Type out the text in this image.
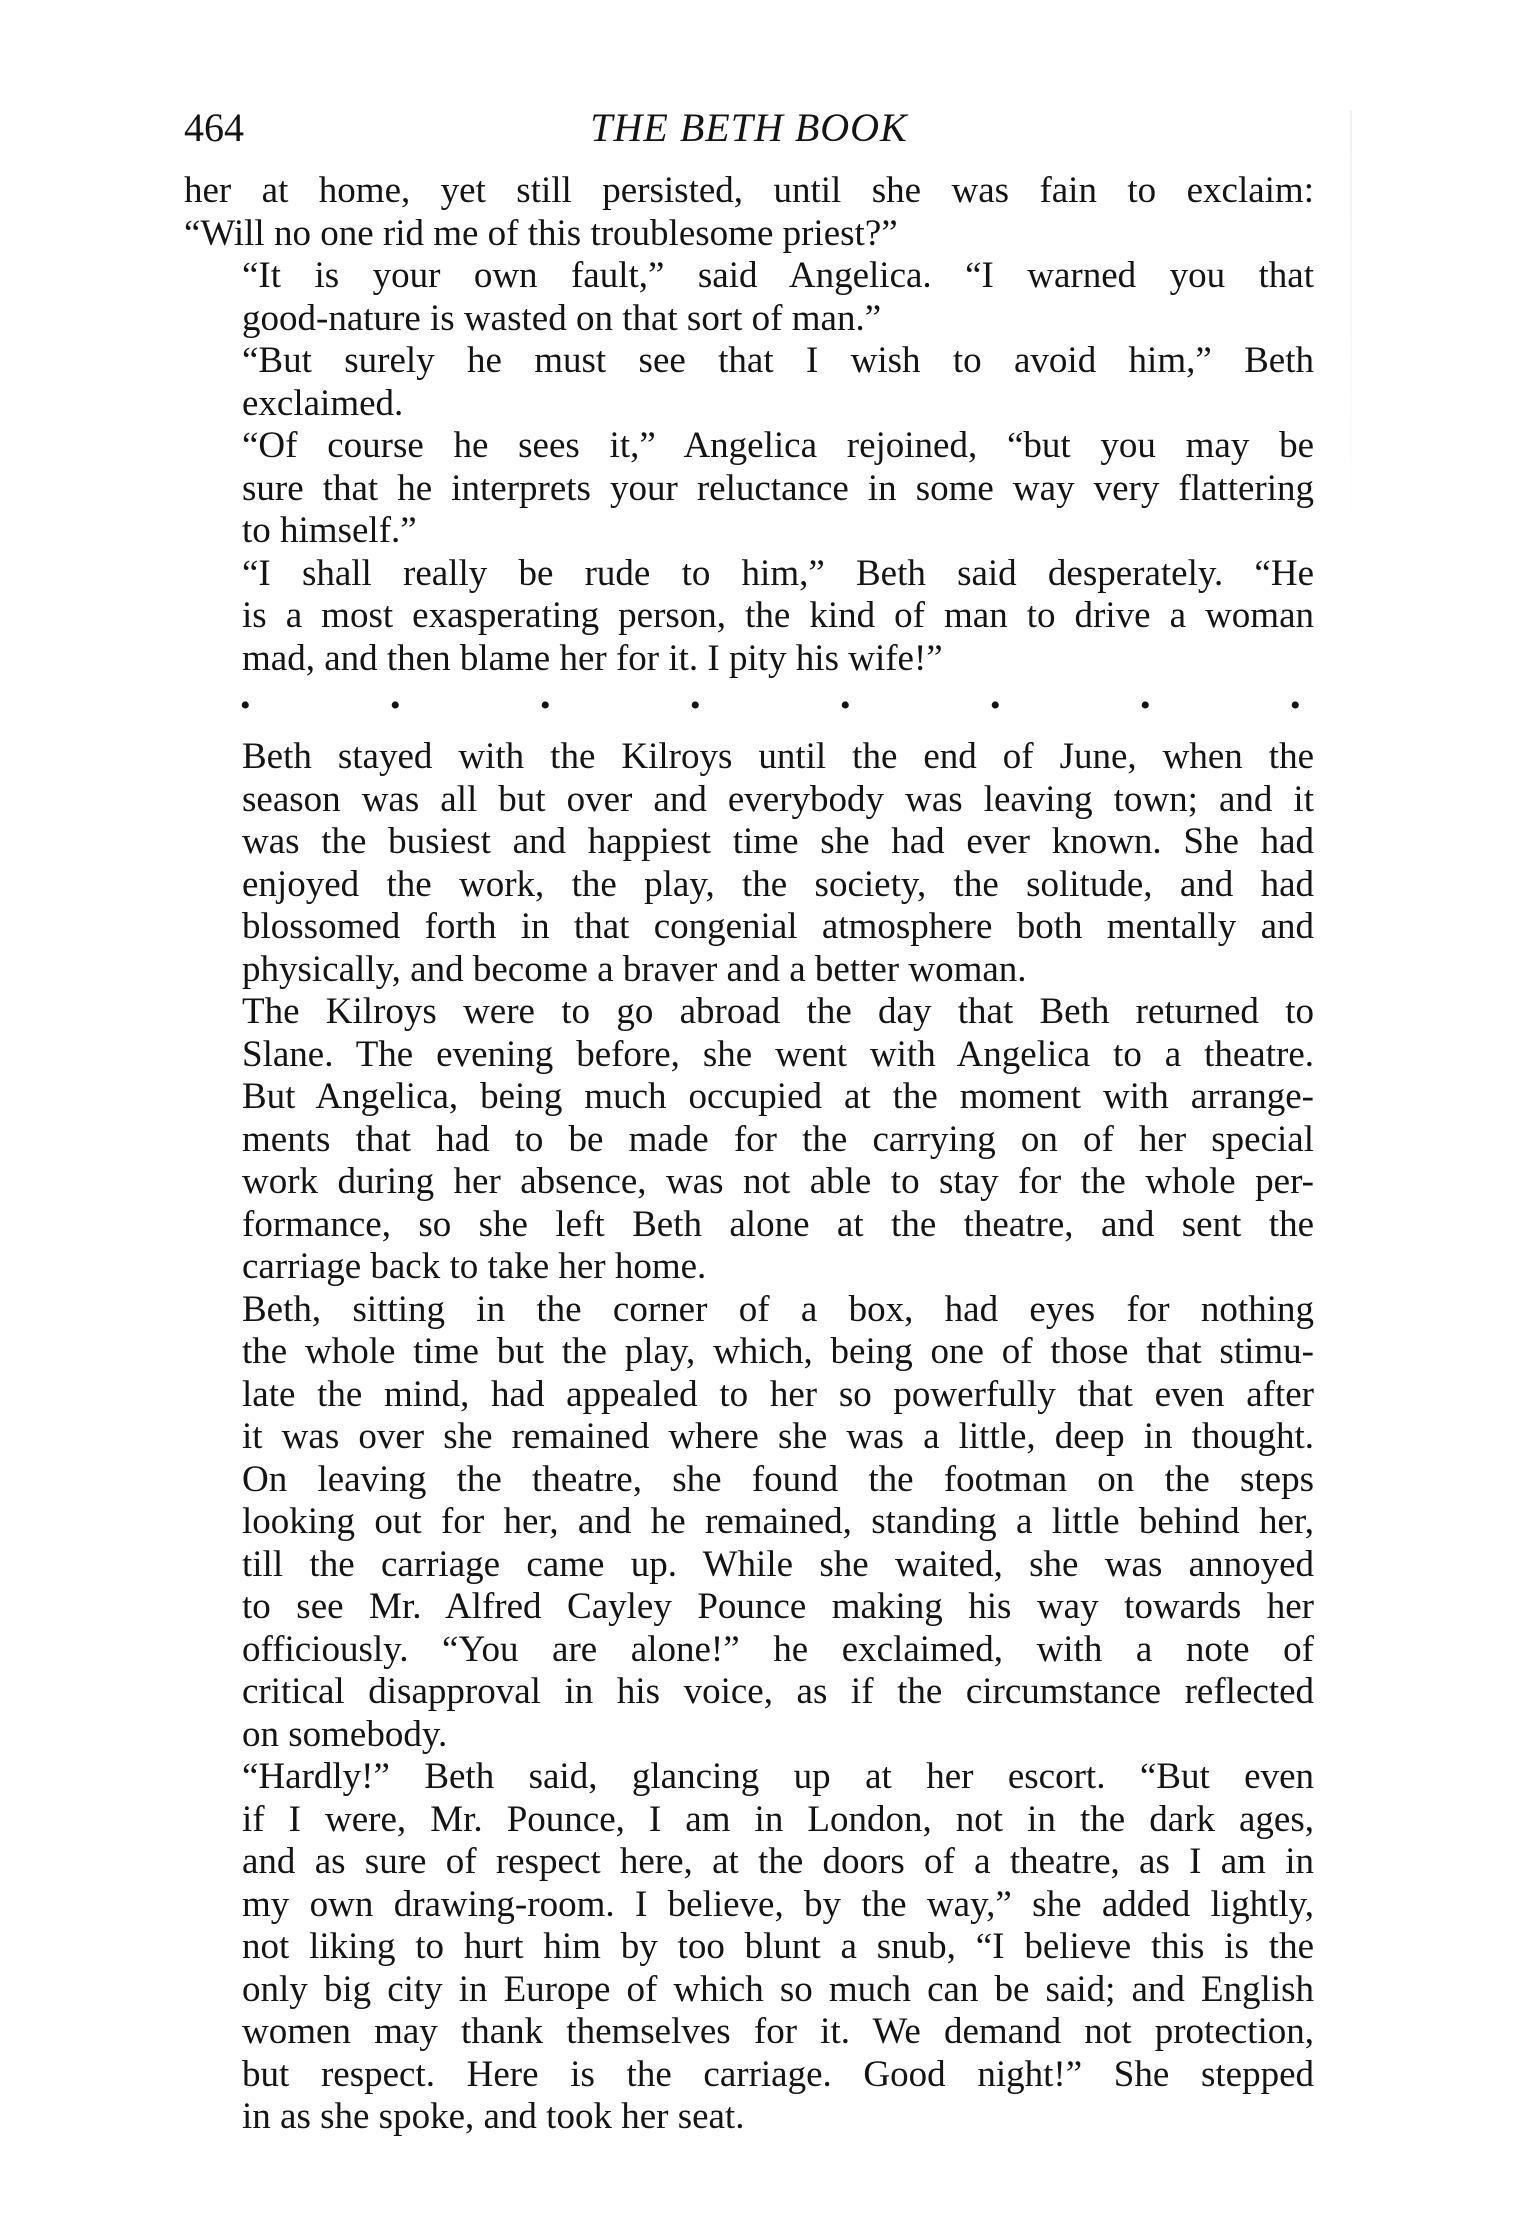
464	THE BETH BOOK

her at home, yet still persisted, until she was fain to exclaim:
“Will no one rid me of this troublesome priest?”

“It is your own fault,” said Angelica. “I warned you that
good-nature is wasted on that sort of man.”

“But surely he must see that I wish to avoid him,” Beth
exclaimed.

“Of course he sees it,” Angelica rejoined, “but you may be
sure that he interprets your reluctance in some way very flattering
to himself.”

“I shall really be rude to him,” Beth said desperately. “He
is a most exasperating person, the kind of man to drive a woman
mad, and then blame her for it. I pity his wife!”

•	•	•	•	•	•	•	•

Beth stayed with the Kilroys until the end of June, when the
season was all but over and everybody was leaving town; and it
was the busiest and happiest time she had ever known. She had
enjoyed the work, the play, the society, the solitude, and had
blossomed forth in that congenial atmosphere both mentally and
physically, and become a braver and a better woman.

The Kilroys were to go abroad the day that Beth returned to
Slane. The evening before, she went with Angelica to a theatre.
But Angelica, being much occupied at the moment with arrange-
ments that had to be made for the carrying on of her special
work during her absence, was not able to stay for the whole per-
formance, so she left Beth alone at the theatre, and sent the
carriage back to take her home.

Beth, sitting in the corner of a box, had eyes for nothing
the whole time but the play, which, being one of those that stimu-
late the mind, had appealed to her so powerfully that even after
it was over she remained where she was a little, deep in thought.
On leaving the theatre, she found the footman on the steps
looking out for her, and he remained, standing a little behind her,
till the carriage came up. While she waited, she was annoyed
to see Mr. Alfred Cayley Pounce making his way towards her
officiously. “You are alone!” he exclaimed, with a note of
critical disapproval in his voice, as if the circumstance reflected
on somebody.

“Hardly!” Beth said, glancing up at her escort. “But even
if I were, Mr. Pounce, I am in London, not in the dark ages,
and as sure of respect here, at the doors of a theatre, as I am in
my own drawing-room. I believe, by the way,” she added lightly,
not liking to hurt him by too blunt a snub, “I believe this is the
only big city in Europe of which so much can be said; and English
women may thank themselves for it. We demand not protection,
but respect. Here is the carriage. Good night!” She stepped
in as she spoke, and took her seat.
